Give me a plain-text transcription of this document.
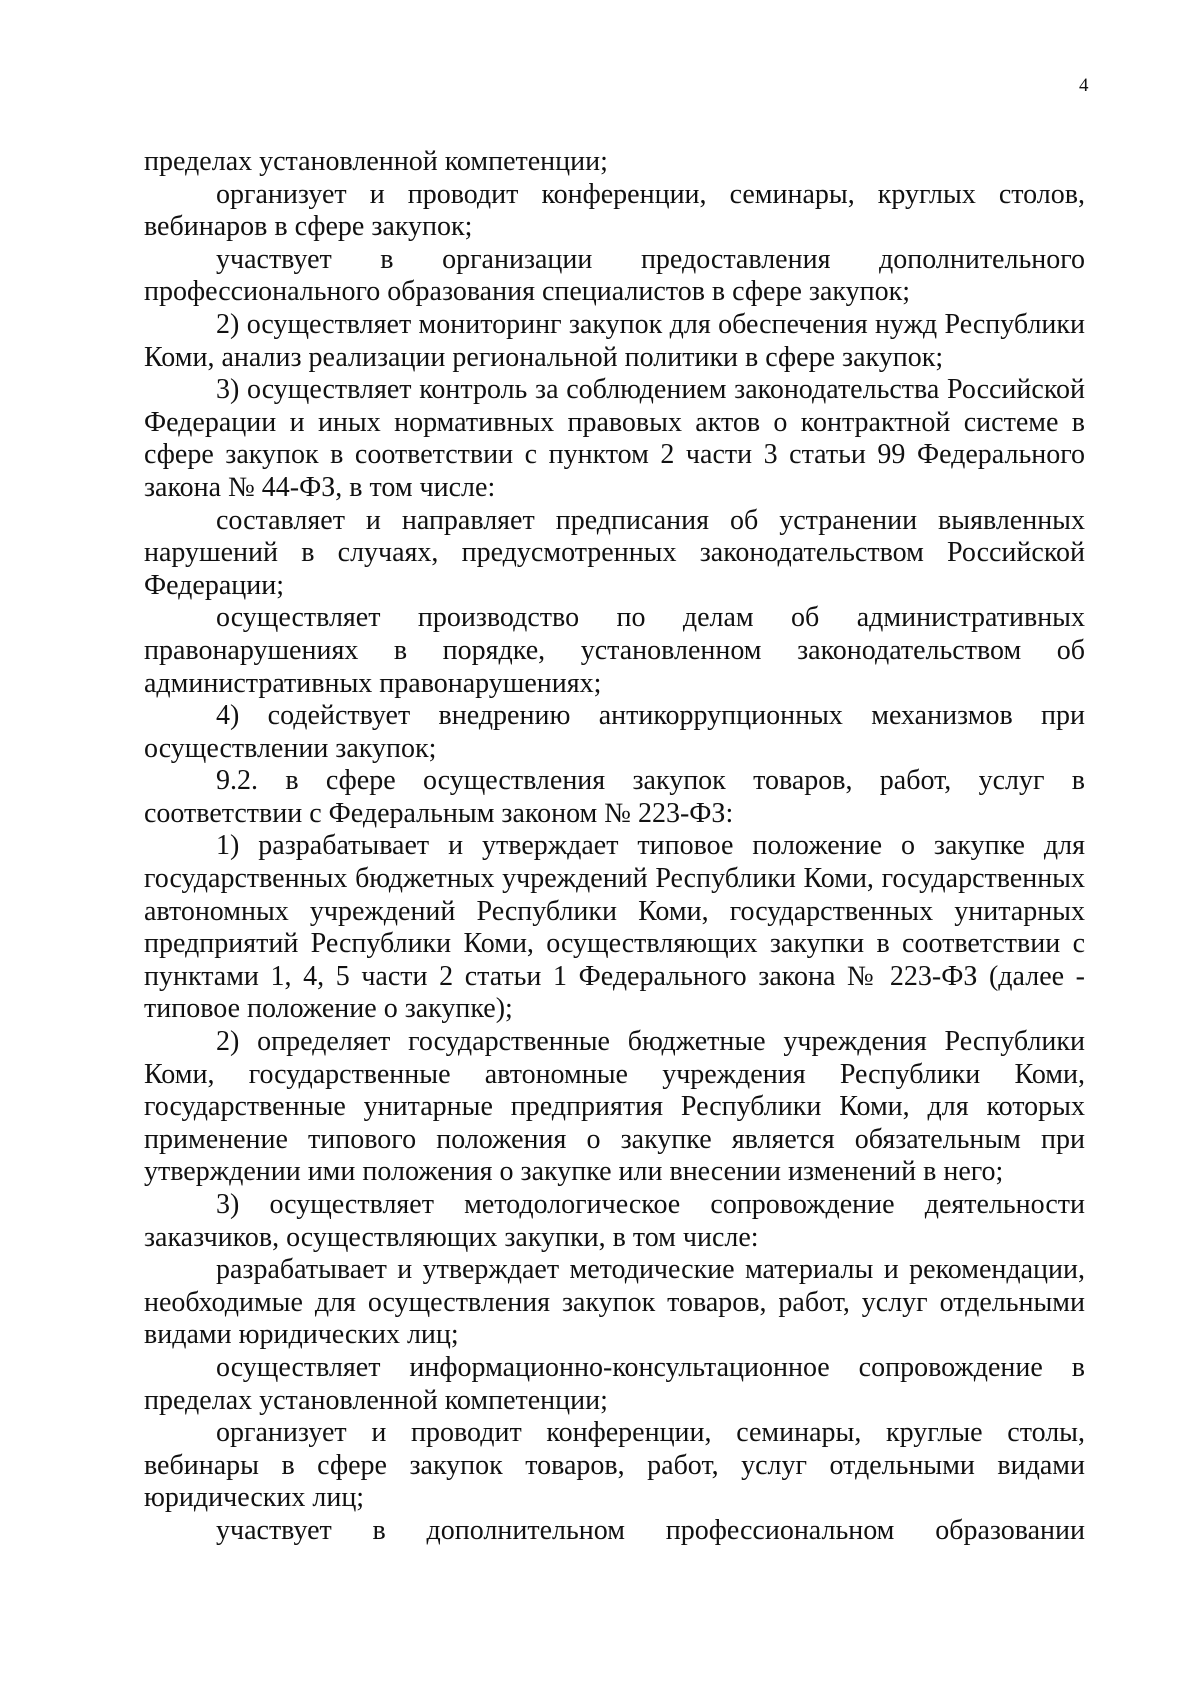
4

пределах установленной компетенции;

организует и проводит конференции, семинары, круглых столов, вебинаров в сфере закупок;

участвует в организации предоставления дополнительного профессионального образования специалистов в сфере закупок;

2) осуществляет мониторинг закупок для обеспечения нужд Республики Коми, анализ реализации региональной политики в сфере закупок;

3) осуществляет контроль за соблюдением законодательства Российской Федерации и иных нормативных правовых актов о контрактной системе в сфере закупок в соответствии с пунктом 2 части 3 статьи 99 Федерального закона № 44-ФЗ, в том числе:

составляет и направляет предписания об устранении выявленных нарушений в случаях, предусмотренных законодательством Российской Федерации;

осуществляет производство по делам об административных правонарушениях в порядке, установленном законодательством об административных правонарушениях;

4) содействует внедрению антикоррупционных механизмов при осуществлении закупок;

9.2. в сфере осуществления закупок товаров, работ, услуг в соответствии с Федеральным законом № 223-ФЗ:

1) разрабатывает и утверждает типовое положение о закупке для государственных бюджетных учреждений Республики Коми, государственных автономных учреждений Республики Коми, государственных унитарных предприятий Республики Коми, осуществляющих закупки в соответствии с пунктами 1, 4, 5 части 2 статьи 1 Федерального закона № 223-ФЗ (далее - типовое положение о закупке);

2) определяет государственные бюджетные учреждения Республики Коми, государственные автономные учреждения Республики Коми, государственные унитарные предприятия Республики Коми, для которых применение типового положения о закупке является обязательным при утверждении ими положения о закупке или внесении изменений в него;

3) осуществляет методологическое сопровождение деятельности заказчиков, осуществляющих закупки, в том числе:

разрабатывает и утверждает методические материалы и рекомендации, необходимые для осуществления закупок товаров, работ, услуг отдельными видами юридических лиц;

осуществляет информационно-консультационное сопровождение в пределах установленной компетенции;

организует и проводит конференции, семинары, круглые столы, вебинары в сфере закупок товаров, работ, услуг отдельными видами юридических лиц;

участвует в дополнительном профессиональном образовании
